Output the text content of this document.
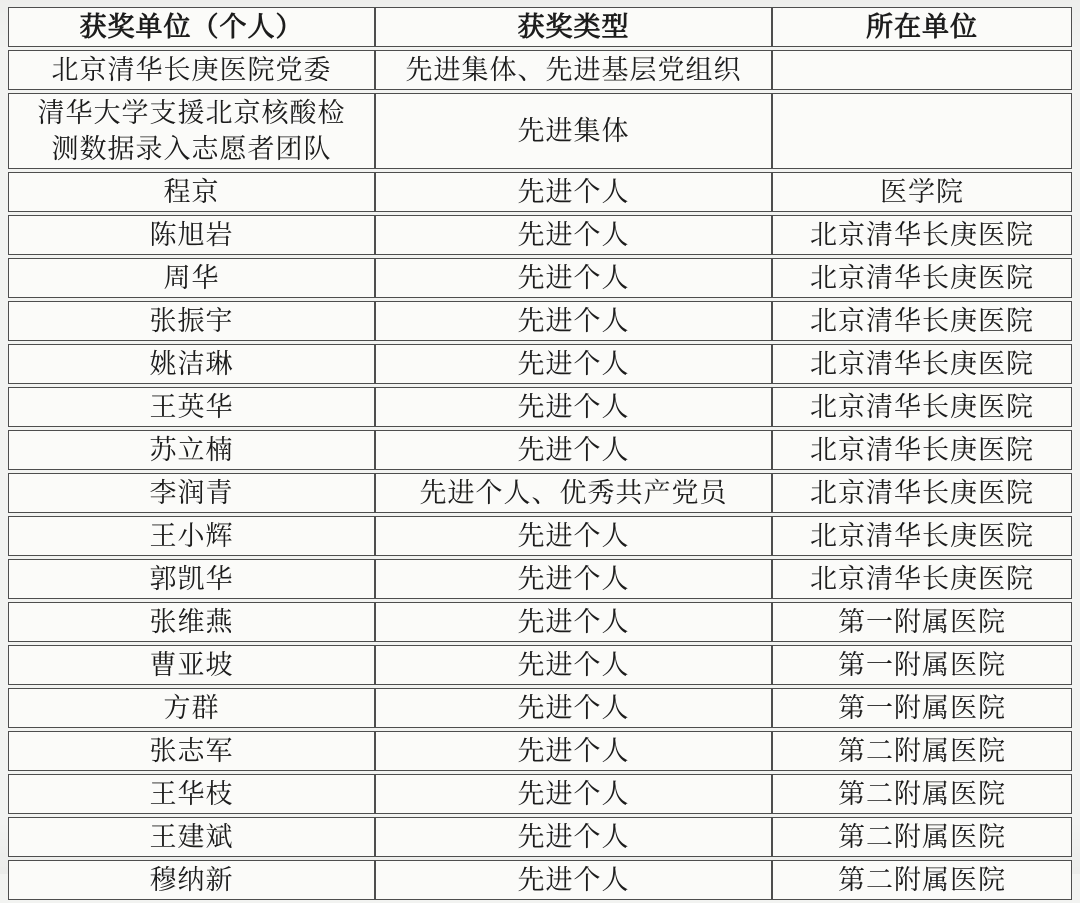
获奖单位（个人）	获奖类型	所在单位
北京清华长庚医院党委	先进集体、先进基层党组织	
清华大学支援北京核酸检测数据录入志愿者团队	先进集体	
程京	先进个人	医学院
陈旭岩	先进个人	北京清华长庚医院
周华	先进个人	北京清华长庚医院
张振宇	先进个人	北京清华长庚医院
姚洁琳	先进个人	北京清华长庚医院
王英华	先进个人	北京清华长庚医院
苏立楠	先进个人	北京清华长庚医院
李润青	先进个人、优秀共产党员	北京清华长庚医院
王小辉	先进个人	北京清华长庚医院
郭凯华	先进个人	北京清华长庚医院
张维燕	先进个人	第一附属医院
曹亚坡	先进个人	第一附属医院
方群	先进个人	第一附属医院
张志军	先进个人	第二附属医院
王华枝	先进个人	第二附属医院
王建斌	先进个人	第二附属医院
穆纳新	先进个人	第二附属医院
